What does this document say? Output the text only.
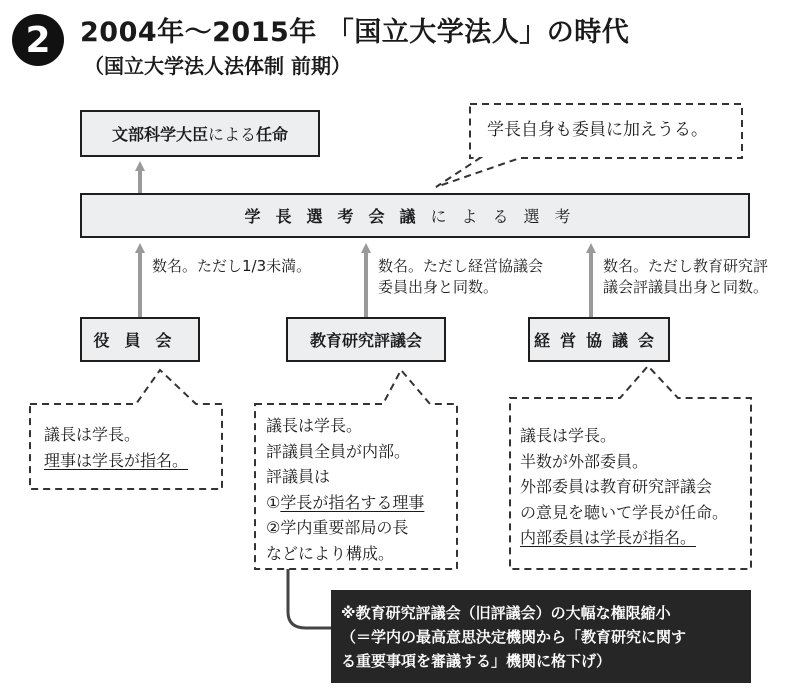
2 2004年～2015年 「国立大学法人」の時代
（国立大学法人法体制 前期）
文部科学大臣 による 任命	学長自身も委員に加えうる。
学長選考会議 による選考
数名。ただし1/3未満。	数名。ただし経営協議会
委員出身と同数。
数名。ただし教育研究評
議会評議員出身と同数。
役員会	教育研究評議会	経営協議会
議長は学長。
理事は学長が指名。
議長は学長。
評議員全員が内部。
評議員は
①学長が指名する理事
②学内重要部局の長
などにより構成。
議長は学長。
半数が外部委員。
外部委員は教育研究評議会
の意見を聴いて学長が任命。
内部委員は学長が指名。
※教育研究評議会（旧評議会）の大幅な権限縮小
（＝学内の最高意思決定機関から「教育研究に関す
る重要事項を審議する」機関に格下げ）
